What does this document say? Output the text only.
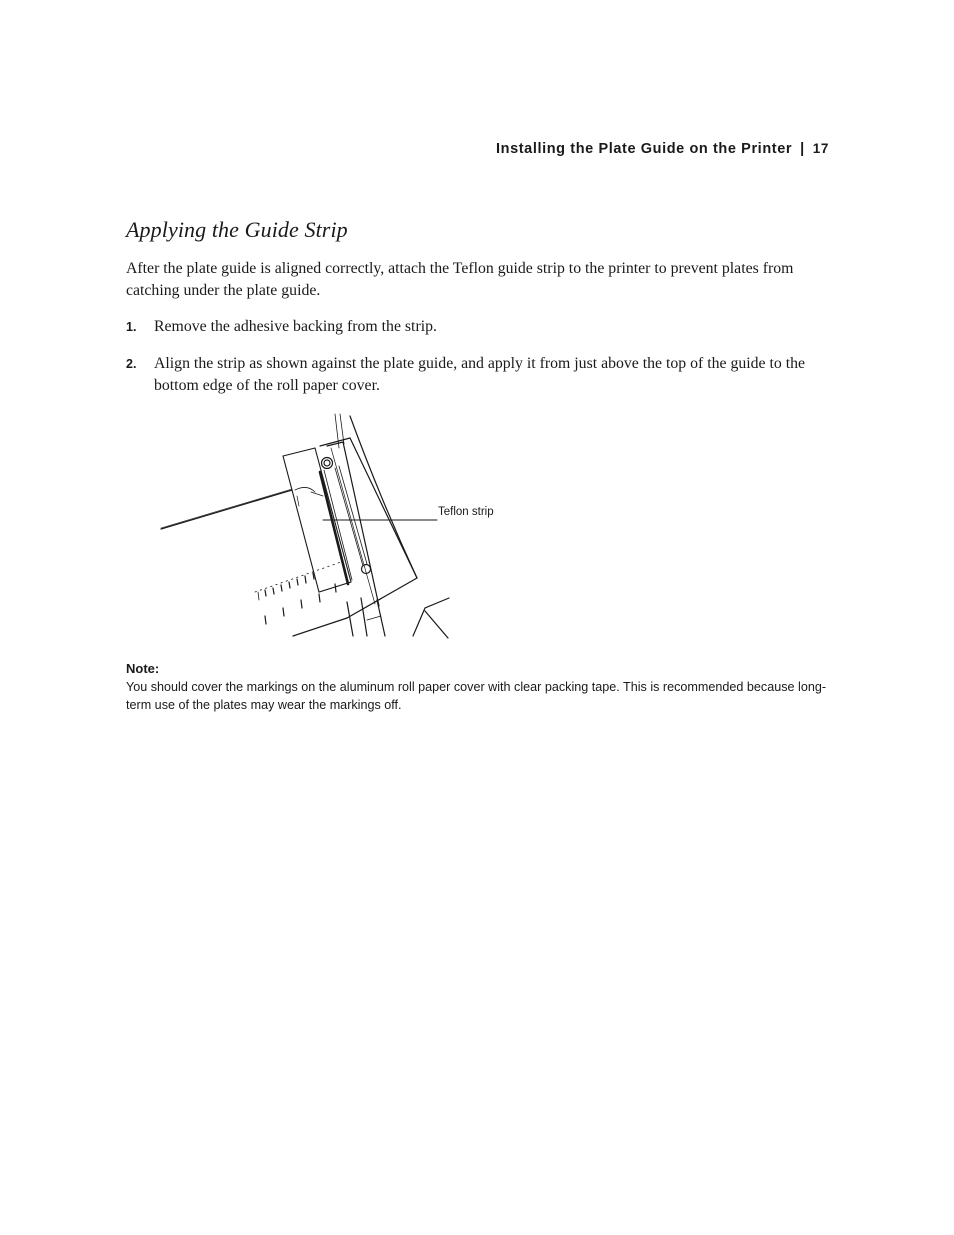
Installing the Plate Guide on the Printer | 17
Applying the Guide Strip

After the plate guide is aligned correctly, attach the Teflon guide strip to the printer to prevent plates from catching under the plate guide.

1. Remove the adhesive backing from the strip.
2. Align the strip as shown against the plate guide, and apply it from just above the top of the guide to the bottom edge of the roll paper cover.
Teflon strip
Note:

You should cover the markings on the aluminum roll paper cover with clear packing tape. This is recommended because long-term use of the plates may wear the markings off.
